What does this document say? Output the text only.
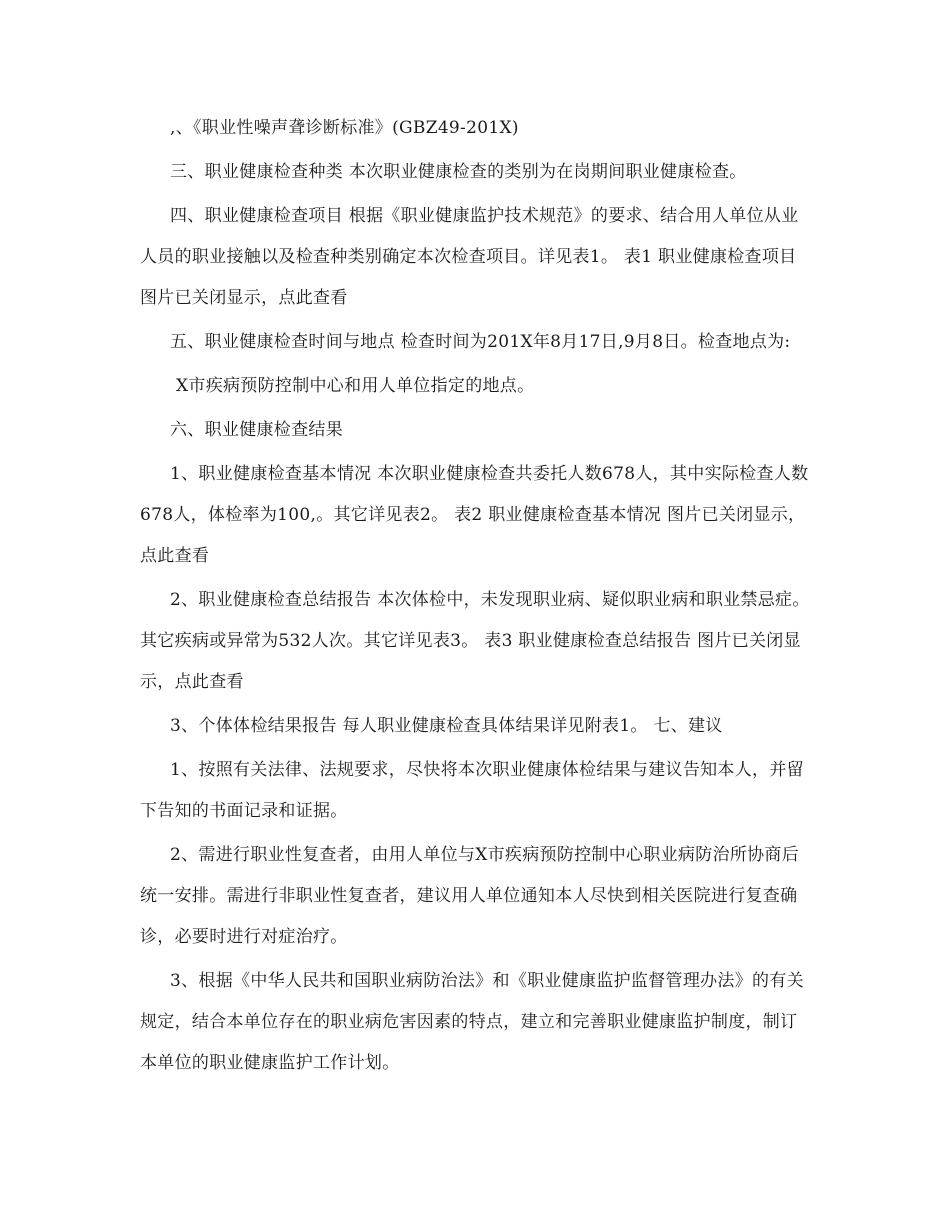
,、《职业性噪声聋诊断标准》(GBZ49-201X)

三、职业健康检查种类 本次职业健康检查的类别为在岗期间职业健康检查。

四、职业健康检查项目 根据《职业健康监护技术规范》的要求、结合用人单位从业人员的职业接触以及检查种类别确定本次检查项目。详见表1。 表1 职业健康检查项目 图片已关闭显示，点此查看

五、职业健康检查时间与地点 检查时间为201X年8月17日,9月8日。检查地点为:

X市疾病预防控制中心和用人单位指定的地点。

六、职业健康检查结果

1、职业健康检查基本情况 本次职业健康检查共委托人数678人，其中实际检查人数678人，体检率为100,。其它详见表2。 表2 职业健康检查基本情况 图片已关闭显示，点此查看

2、职业健康检查总结报告 本次体检中，未发现职业病、疑似职业病和职业禁忌症。其它疾病或异常为532人次。其它详见表3。 表3 职业健康检查总结报告 图片已关闭显示，点此查看

3、个体体检结果报告 每人职业健康检查具体结果详见附表1。 七、建议

1、按照有关法律、法规要求，尽快将本次职业健康体检结果与建议告知本人，并留下告知的书面记录和证据。

2、需进行职业性复查者，由用人单位与X市疾病预防控制中心职业病防治所协商后统一安排。需进行非职业性复查者，建议用人单位通知本人尽快到相关医院进行复查确诊，必要时进行对症治疗。

3、根据《中华人民共和国职业病防治法》和《职业健康监护监督管理办法》的有关规定，结合本单位存在的职业病危害因素的特点，建立和完善职业健康监护制度，制订本单位的职业健康监护工作计划。
